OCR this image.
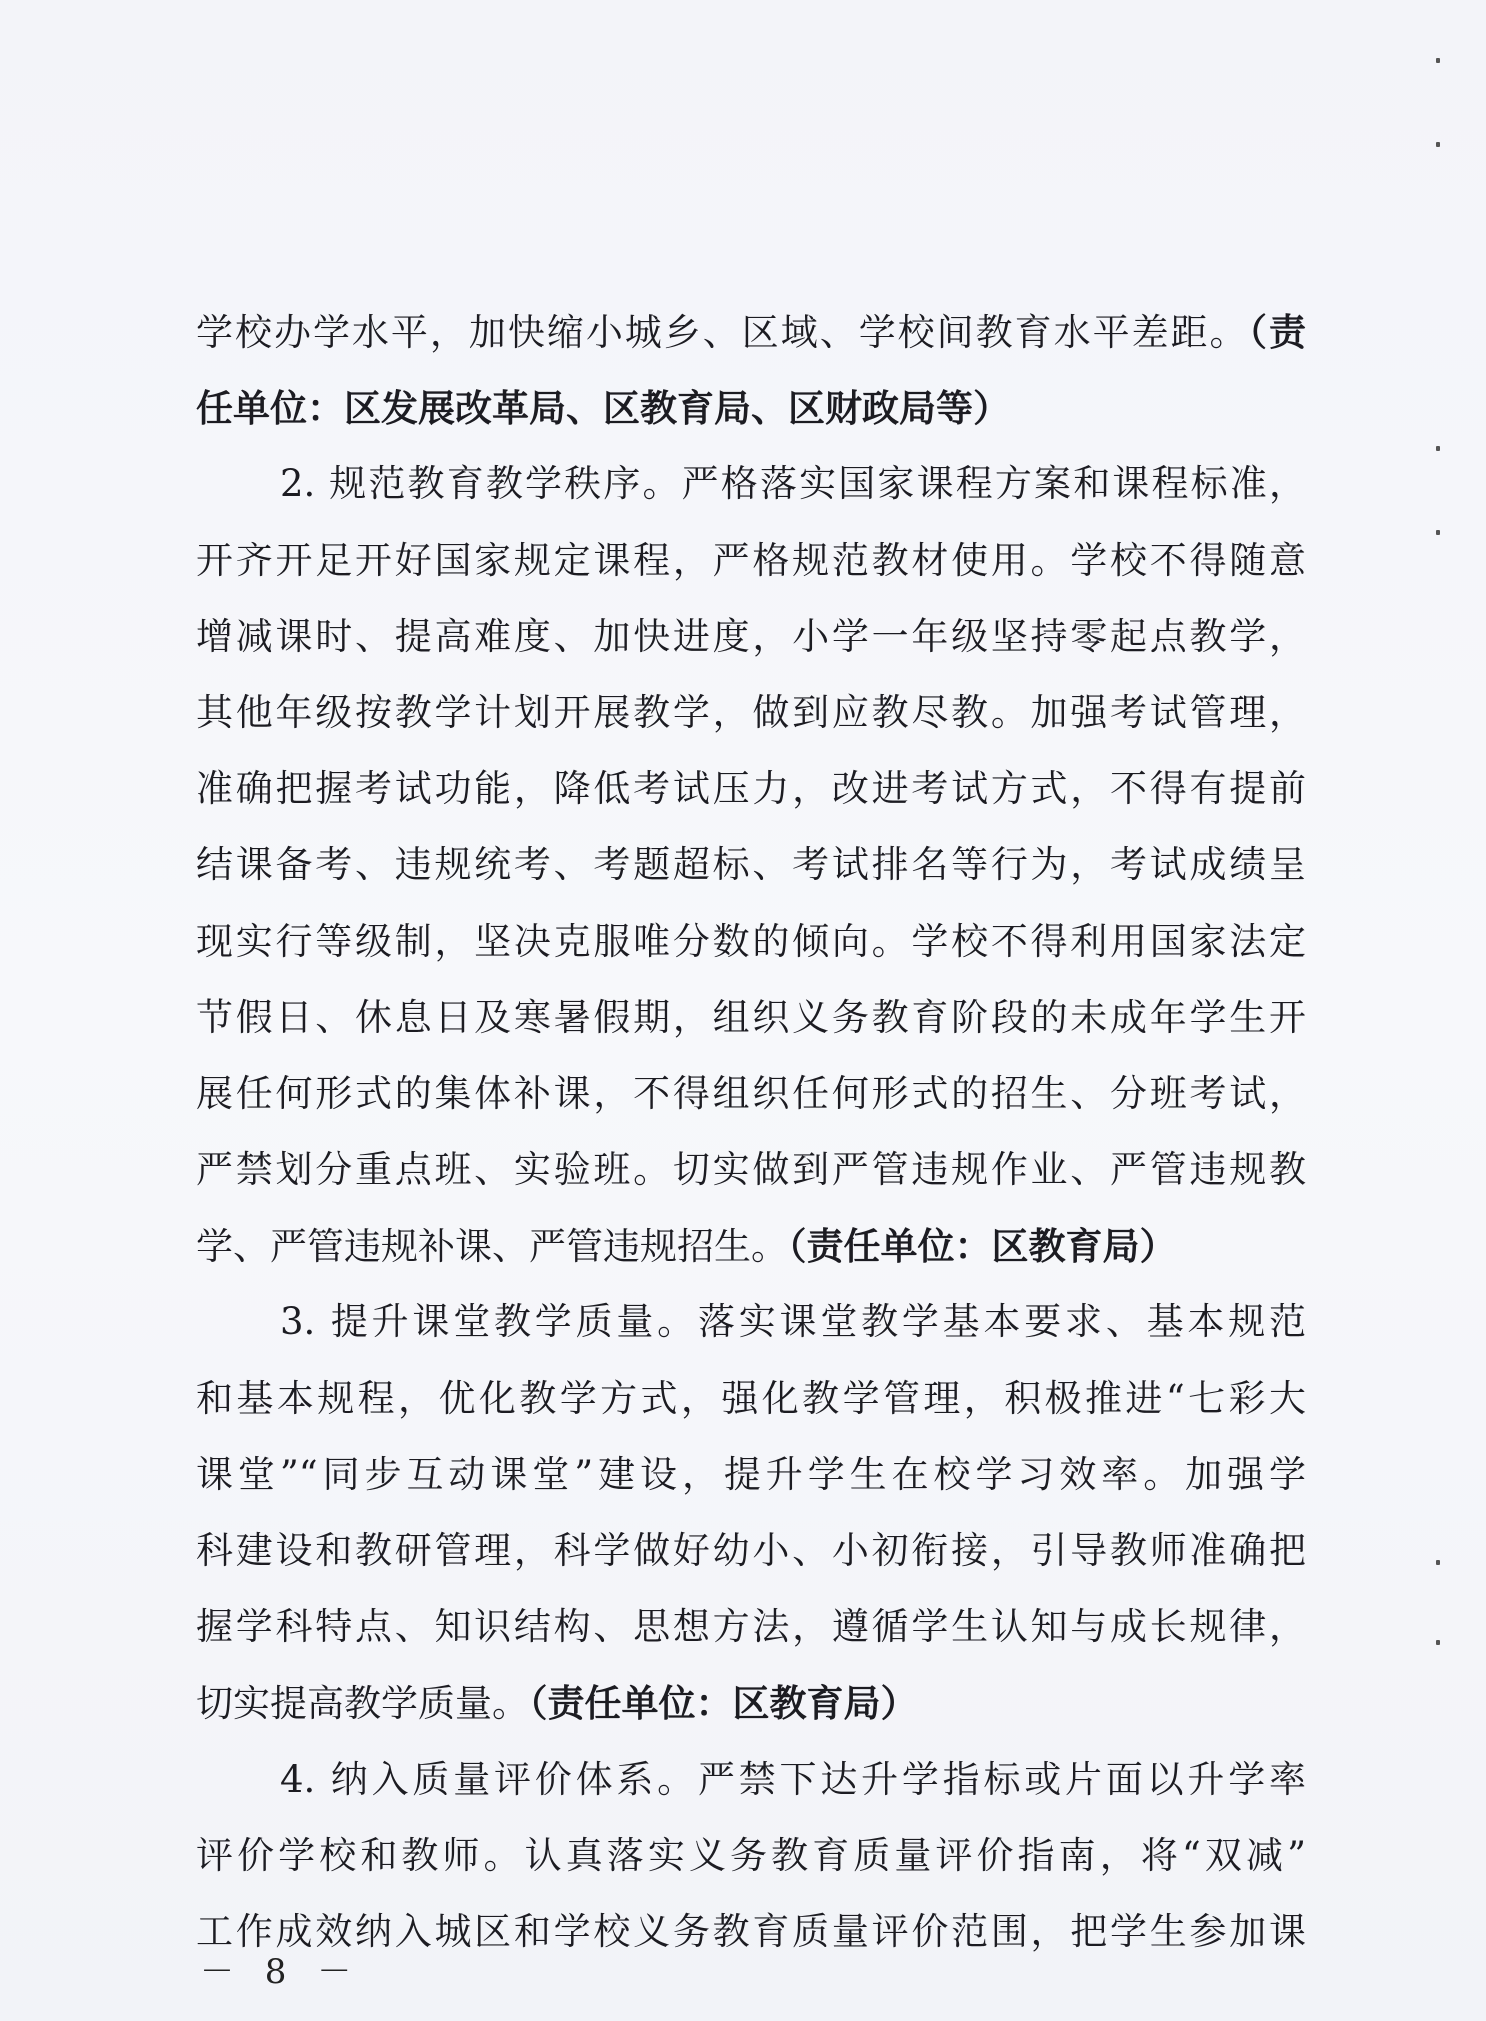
学校办学水平，加快缩小城乡、区域、学校间教育水平差距。（责
任单位：区发展改革局、区教育局、区财政局等）
2. 规范教育教学秩序。严格落实国家课程方案和课程标准，
开齐开足开好国家规定课程，严格规范教材使用。学校不得随意
增减课时、提高难度、加快进度，小学一年级坚持零起点教学，
其他年级按教学计划开展教学，做到应教尽教。加强考试管理，
准确把握考试功能，降低考试压力，改进考试方式，不得有提前
结课备考、违规统考、考题超标、考试排名等行为，考试成绩呈
现实行等级制，坚决克服唯分数的倾向。学校不得利用国家法定
节假日、休息日及寒暑假期，组织义务教育阶段的未成年学生开
展任何形式的集体补课，不得组织任何形式的招生、分班考试，
严禁划分重点班、实验班。切实做到严管违规作业、严管违规教
学、严管违规补课、严管违规招生。（责任单位：区教育局）
3. 提升课堂教学质量。落实课堂教学基本要求、基本规范
和基本规程，优化教学方式，强化教学管理，积极推进“七彩大
课堂”“同步互动课堂”建设，提升学生在校学习效率。加强学
科建设和教研管理，科学做好幼小、小初衔接，引导教师准确把
握学科特点、知识结构、思想方法，遵循学生认知与成长规律，
切实提高教学质量。（责任单位：区教育局）
4. 纳入质量评价体系。严禁下达升学指标或片面以升学率
评价学校和教师。认真落实义务教育质量评价指南，将“双减”
工作成效纳入城区和学校义务教育质量评价范围，把学生参加课
－ 8 －
